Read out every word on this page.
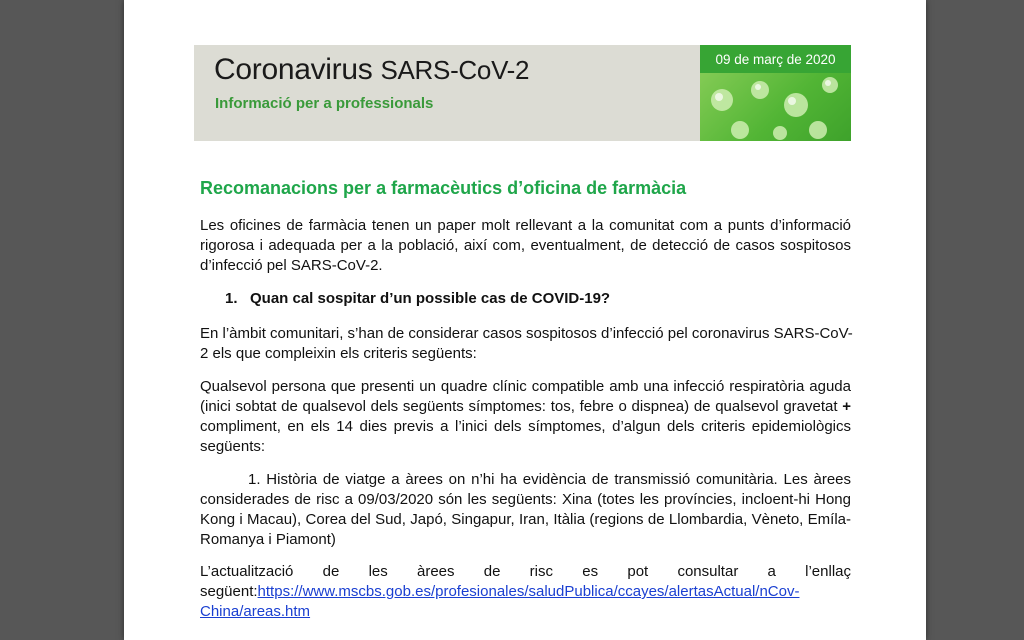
Coronavirus SARS-CoV-2
Informació per a professionals
09 de març de 2020
Recomanacions per a farmacèutics d’oficina de farmàcia
Les oficines de farmàcia tenen un paper molt rellevant a la comunitat com a punts d’informació
rigorosa i adequada per a la població, així com, eventualment, de detecció de casos sospitosos
d’infecció pel SARS-CoV-2.
1. Quan cal sospitar d’un possible cas de COVID-19?
En l’àmbit comunitari, s’han de considerar casos sospitosos d’infecció pel coronavirus SARS-CoV-
2 els que compleixin els criteris següents:
Qualsevol persona que presenti un quadre clínic compatible amb una infecció respiratòria aguda
(inici sobtat de qualsevol dels següents símptomes: tos, febre o dispnea) de qualsevol gravetat +
compliment, en els 14 dies previs a l’inici dels símptomes, d’algun dels criteris epidemiològics
següents:
1. Història de viatge a àrees on n’hi ha evidència de transmissió comunitària. Les àrees
considerades de risc a 09/03/2020 són les següents: Xina (totes les províncies, incloent-hi Hong
Kong i Macau), Corea del Sud, Japó, Singapur, Iran, Itàlia (regions de Llombardia, Vèneto, Emíla-
Romanya i Piamont)
L’actualització de les àrees de risc es pot consultar a l’enllaç
següent:https://www.mscbs.gob.es/profesionales/saludPublica/ccayes/alertasActual/nCov-
China/areas.htm
